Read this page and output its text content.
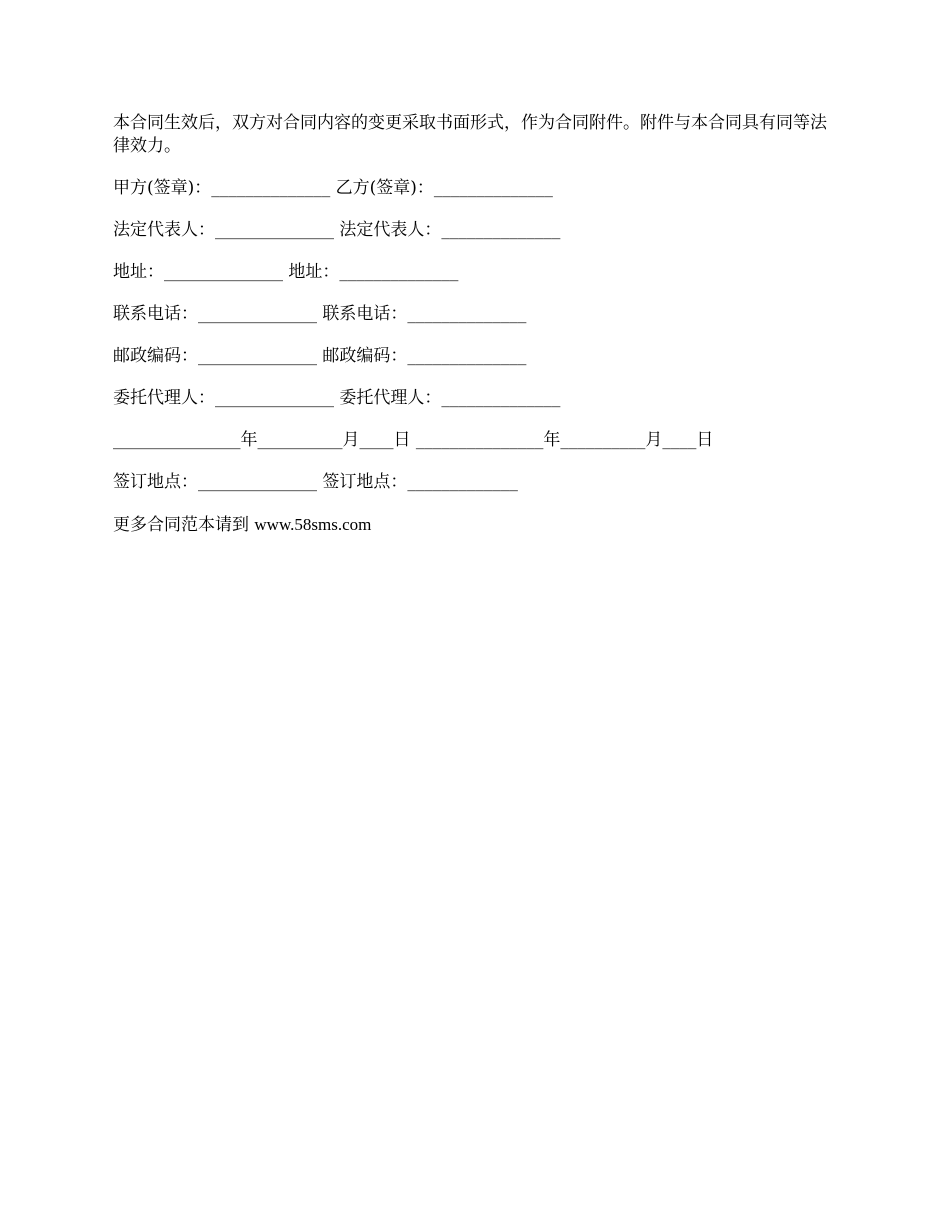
本合同生效后，双方对合同内容的变更采取书面形式，作为合同附件。附件与本合同具有同等法律效力。

甲方(签章)：______________ 乙方(签章)：______________
法定代表人：______________ 法定代表人：______________
地址：______________ 地址：______________
联系电话：______________ 联系电话：______________
邮政编码：______________ 邮政编码：______________
委托代理人：______________ 委托代理人：______________
_______________年__________月____日 _______________年__________月____日
签订地点：______________ 签订地点：_____________
更多合同范本请到 www.58sms.com
